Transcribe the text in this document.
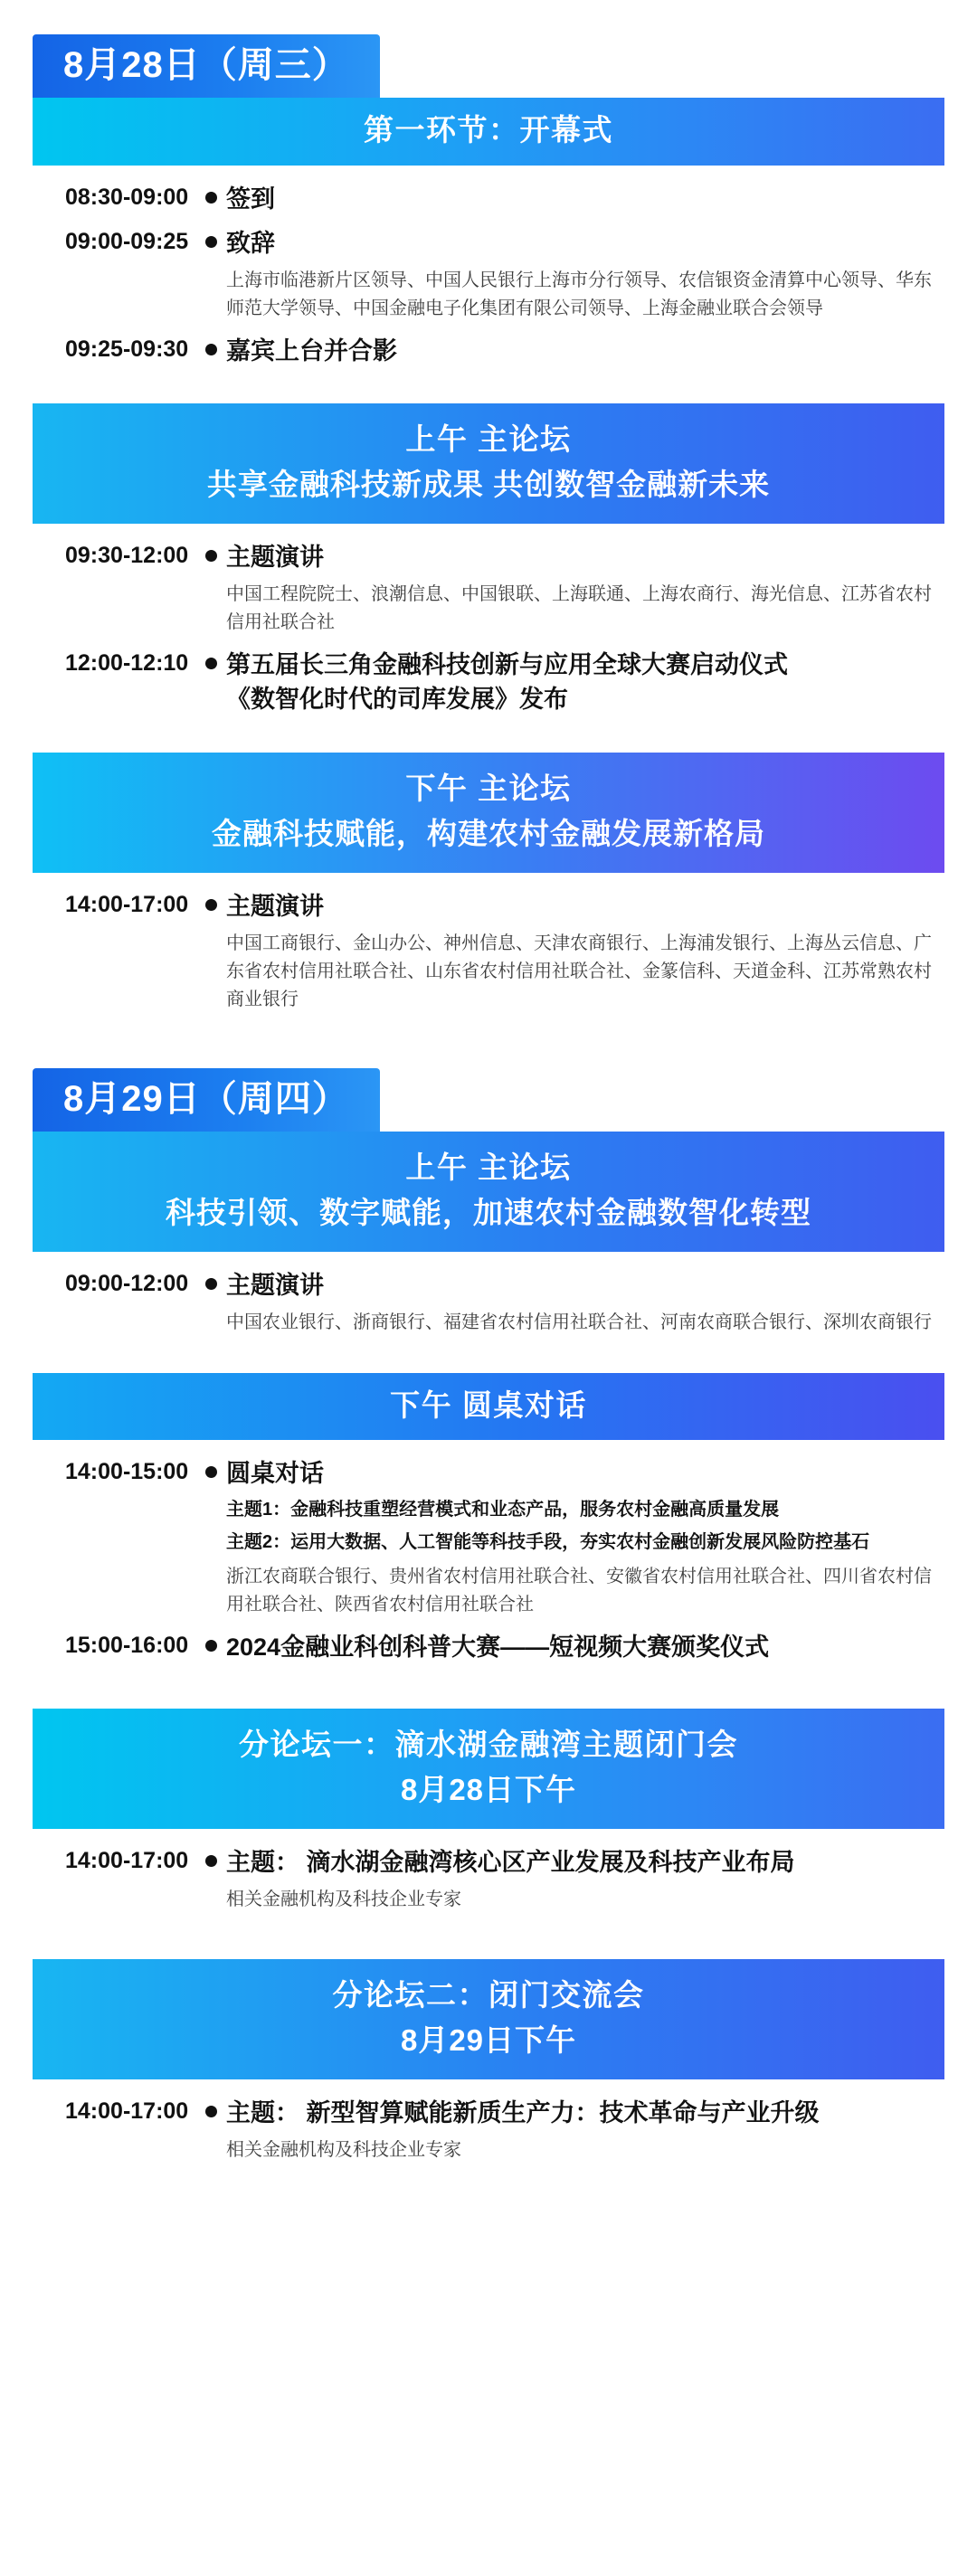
8月28日（周三）
第一环节：开幕式
08:30-09:00 签到
09:00-09:25 致辞
上海市临港新片区领导、中国人民银行上海市分行领导、农信银资金清算中心领导、华东师范大学领导、中国金融电子化集团有限公司领导、上海金融业联合会领导
09:25-09:30 嘉宾上台并合影
上午 主论坛
共享金融科技新成果 共创数智金融新未来
09:30-12:00 主题演讲
中国工程院院士、浪潮信息、中国银联、上海联通、上海农商行、海光信息、江苏省农村信用社联合社
12:00-12:10 第五届长三角金融科技创新与应用全球大赛启动仪式
《数智化时代的司库发展》发布
下午 主论坛
金融科技赋能，构建农村金融发展新格局
14:00-17:00 主题演讲
中国工商银行、金山办公、神州信息、天津农商银行、上海浦发银行、上海丛云信息、广东省农村信用社联合社、山东省农村信用社联合社、金篆信科、天道金科、江苏常熟农村商业银行
8月29日（周四）
上午 主论坛
科技引领、数字赋能，加速农村金融数智化转型
09:00-12:00 主题演讲
中国农业银行、浙商银行、福建省农村信用社联合社、河南农商联合银行、深圳农商银行
下午 圆桌对话
14:00-15:00 圆桌对话
主题1：金融科技重塑经营模式和业态产品，服务农村金融高质量发展
主题2：运用大数据、人工智能等科技手段，夯实农村金融创新发展风险防控基石
浙江农商联合银行、贵州省农村信用社联合社、安徽省农村信用社联合社、四川省农村信用社联合社、陕西省农村信用社联合社
15:00-16:00 2024金融业科创科普大赛——短视频大赛颁奖仪式
分论坛一：滴水湖金融湾主题闭门会
8月28日下午
14:00-17:00 主题： 滴水湖金融湾核心区产业发展及科技产业布局
相关金融机构及科技企业专家
分论坛二：闭门交流会
8月29日下午
14:00-17:00 主题： 新型智算赋能新质生产力：技术革命与产业升级
相关金融机构及科技企业专家
